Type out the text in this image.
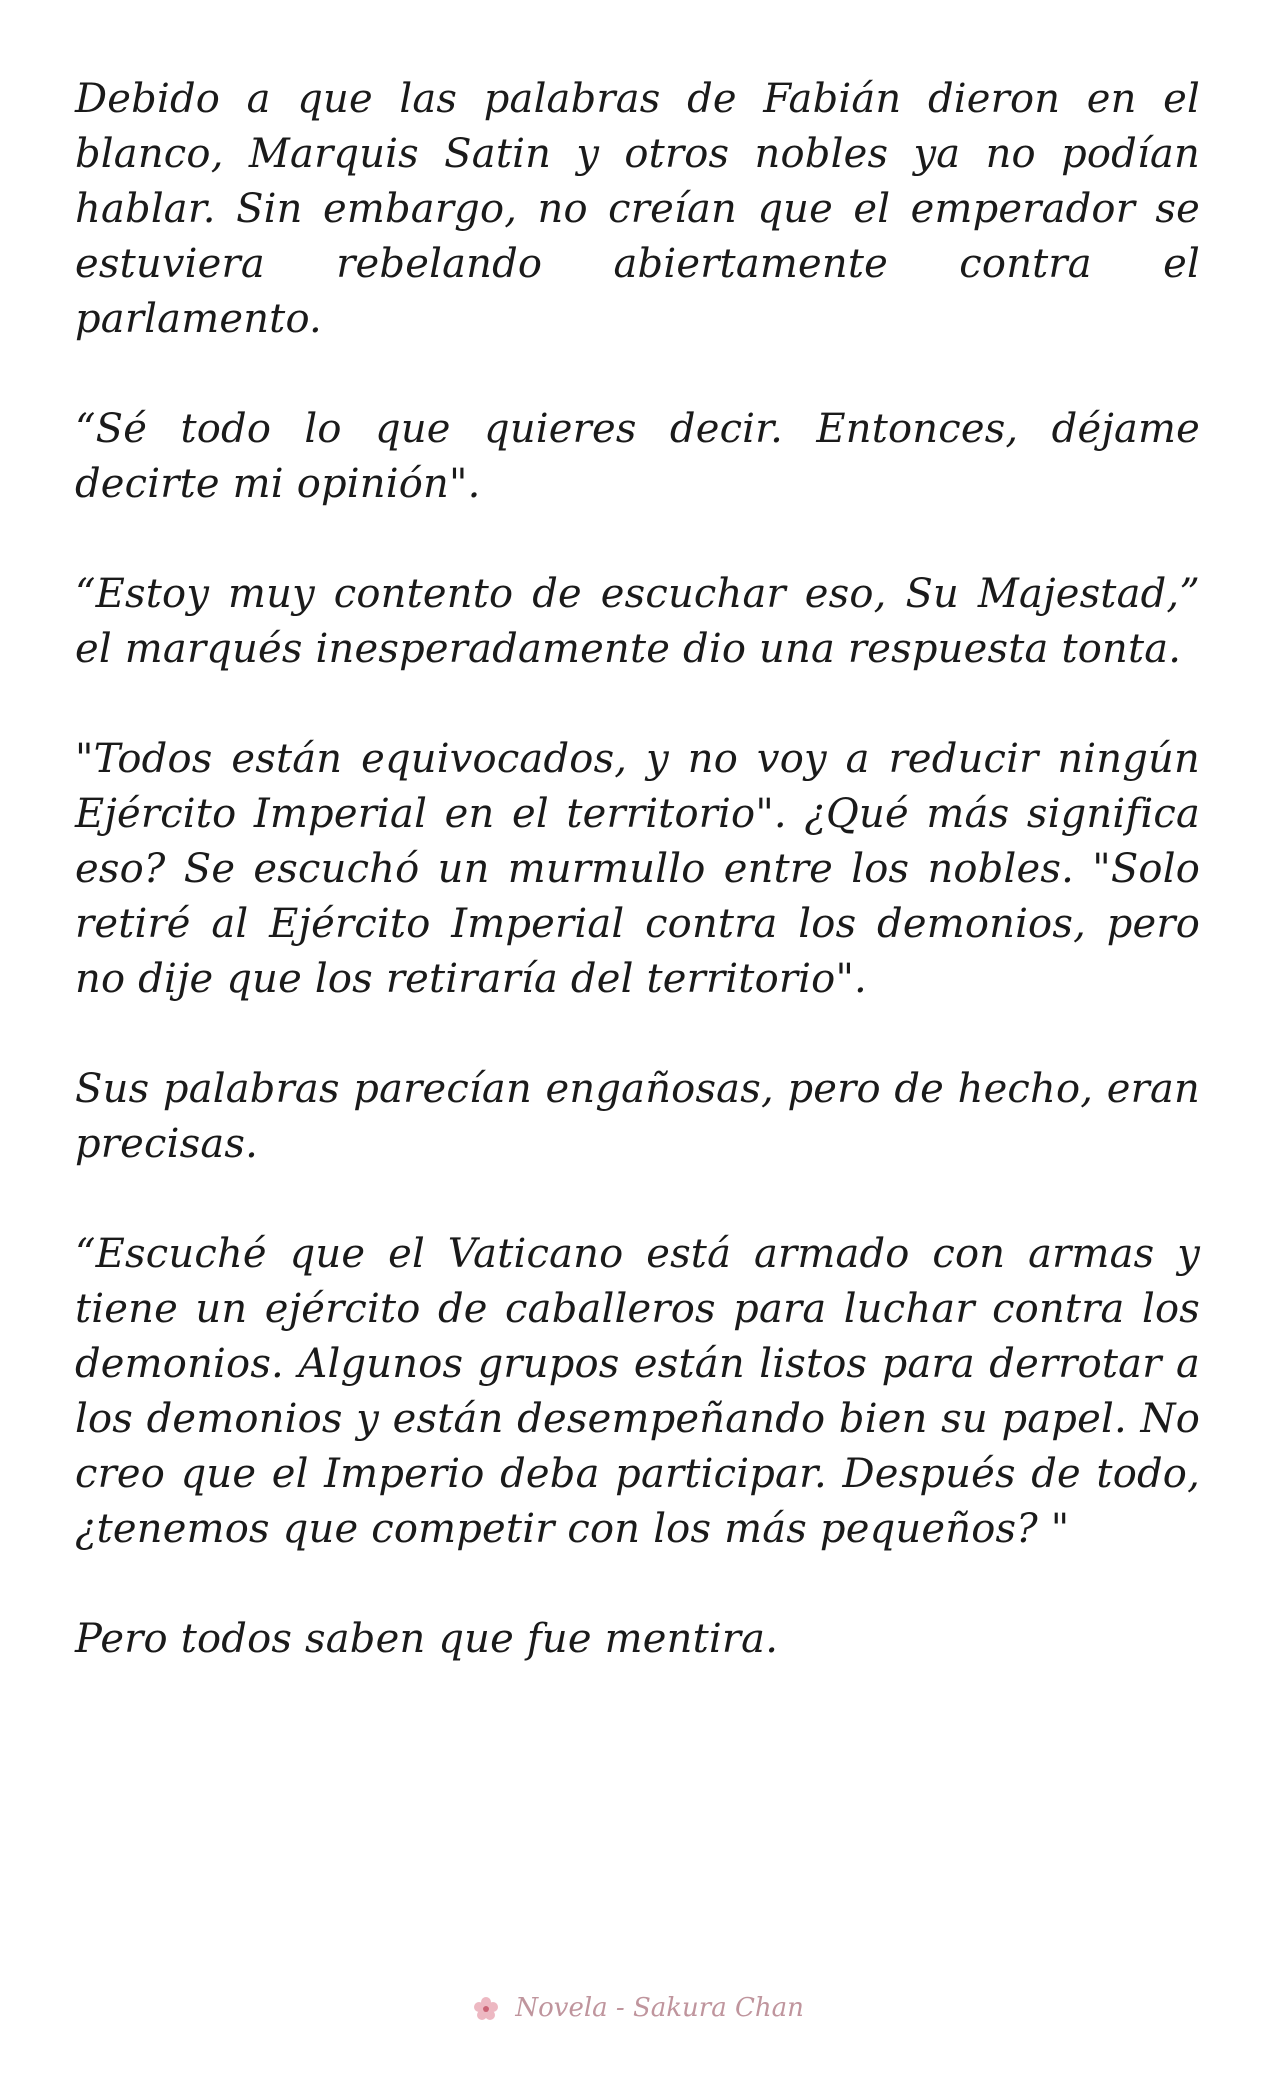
Debido a que las palabras de Fabián dieron en el blanco, Marquis Satin y otros nobles ya no podían hablar. Sin embargo, no creían que el emperador se estuviera rebelando abiertamente contra el parlamento.

“Sé todo lo que quieres decir. Entonces, déjame decirte mi opinión".

“Estoy muy contento de escuchar eso, Su Majestad,” el marqués inesperadamente dio una respuesta tonta.

"Todos están equivocados, y no voy a reducir ningún Ejército Imperial en el territorio". ¿Qué más significa eso? Se escuchó un murmullo entre los nobles. "Solo retiré al Ejército Imperial contra los demonios, pero no dije que los retiraría del territorio".

Sus palabras parecían engañosas, pero de hecho, eran precisas.

“Escuché que el Vaticano está armado con armas y tiene un ejército de caballeros para luchar contra los demonios. Algunos grupos están listos para derrotar a los demonios y están desempeñando bien su papel. No creo que el Imperio deba participar. Después de todo, ¿tenemos que competir con los más pequeños? "

Pero todos saben que fue mentira.

Novela - Sakura Chan
